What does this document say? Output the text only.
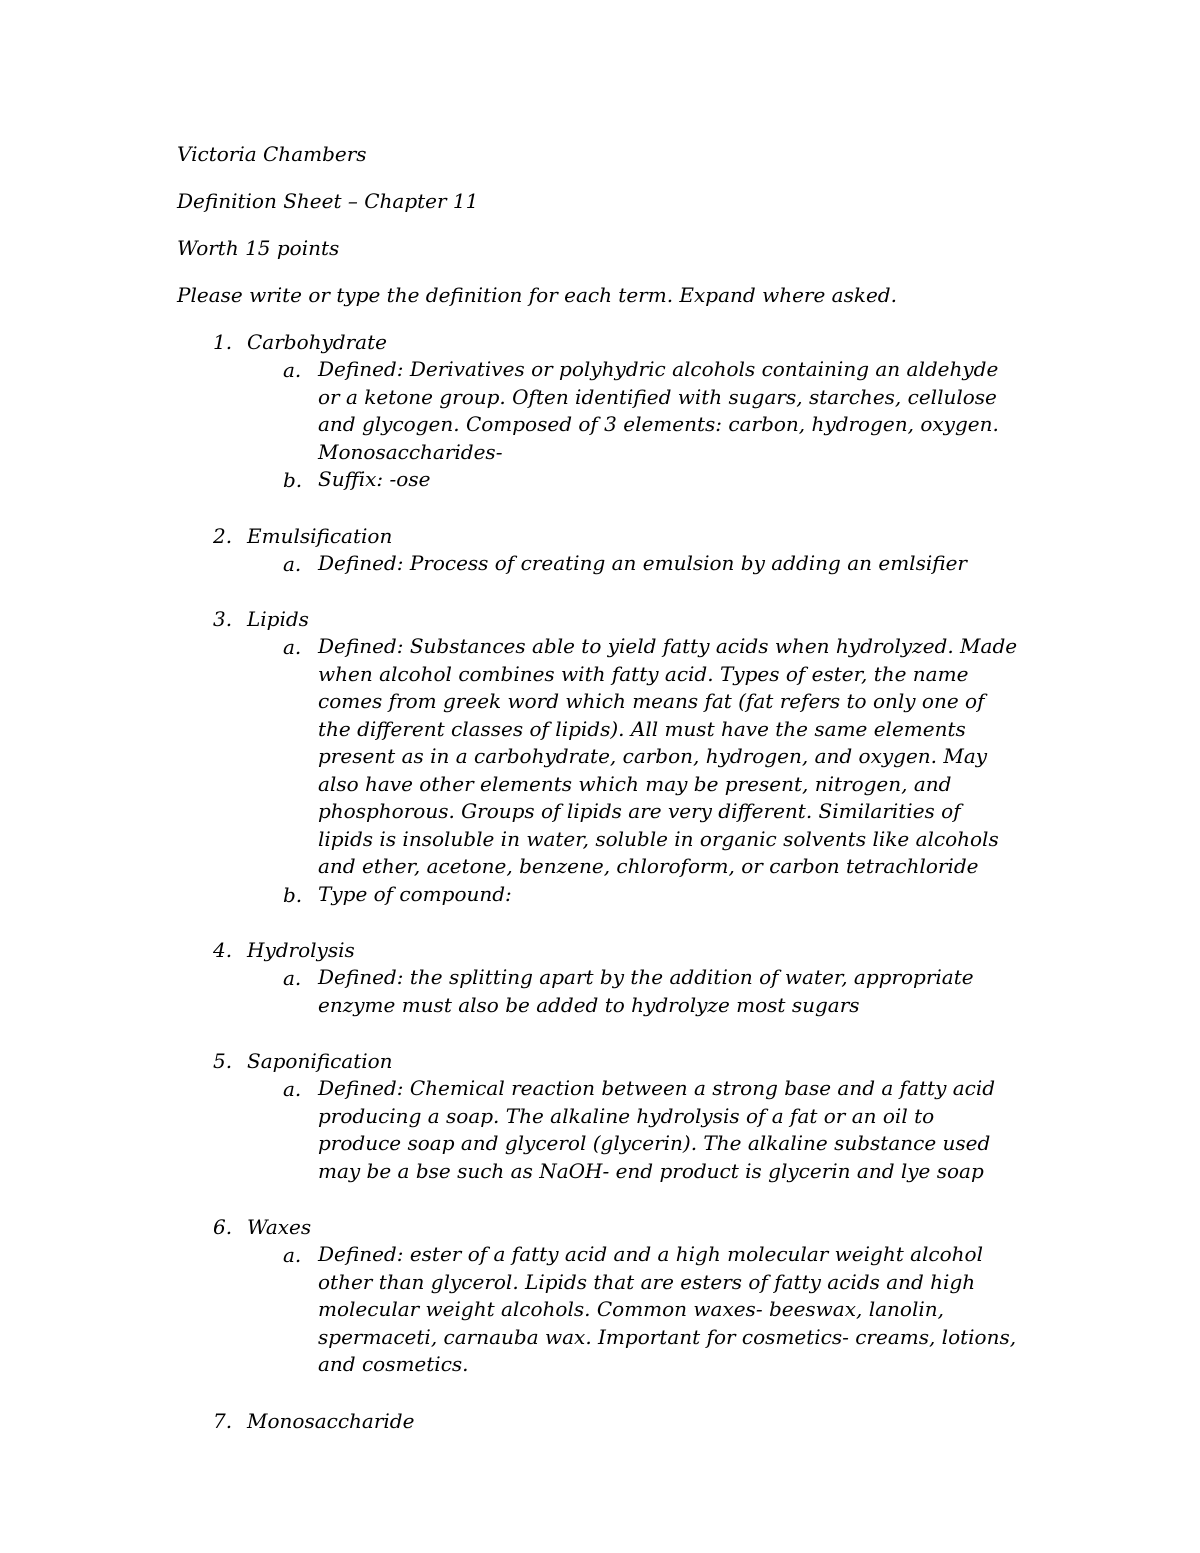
Victoria Chambers

Definition Sheet – Chapter 11

Worth 15 points

Please write or type the definition for each term. Expand where asked.

1. Carbohydrate
a. Defined: Derivatives or polyhydric alcohols containing an aldehyde or a ketone group. Often identified with sugars, starches, cellulose and glycogen. Composed of 3 elements: carbon, hydrogen, oxygen. Monosaccharides-
b. Suffix: -ose
2. Emulsification
a. Defined: Process of creating an emulsion by adding an emlsifier
3. Lipids
a. Defined: Substances able to yield fatty acids when hydrolyzed. Made when alcohol combines with fatty acid. Types of ester, the name comes from greek word which means fat (fat refers to only one of the different classes of lipids). All must have the same elements present as in a carbohydrate, carbon, hydrogen, and oxygen. May also have other elements which may be present, nitrogen, and phosphorous. Groups of lipids are very different. Similarities of lipids is insoluble in water, soluble in organic solvents like alcohols and ether, acetone, benzene, chloroform, or carbon tetrachloride
b. Type of compound:
4. Hydrolysis
a. Defined: the splitting apart by the addition of water, appropriate enzyme must also be added to hydrolyze most sugars
5. Saponification
a. Defined: Chemical reaction between a strong base and a fatty acid producing a soap. The alkaline hydrolysis of a fat or an oil to produce soap and glycerol (glycerin). The alkaline substance used may be a bse such as NaOH- end product is glycerin and lye soap
6. Waxes
a. Defined: ester of a fatty acid and a high molecular weight alcohol other than glycerol. Lipids that are esters of fatty acids and high molecular weight alcohols. Common waxes- beeswax, lanolin, spermaceti, carnauba wax. Important for cosmetics- creams, lotions, and cosmetics.
7. Monosaccharide
